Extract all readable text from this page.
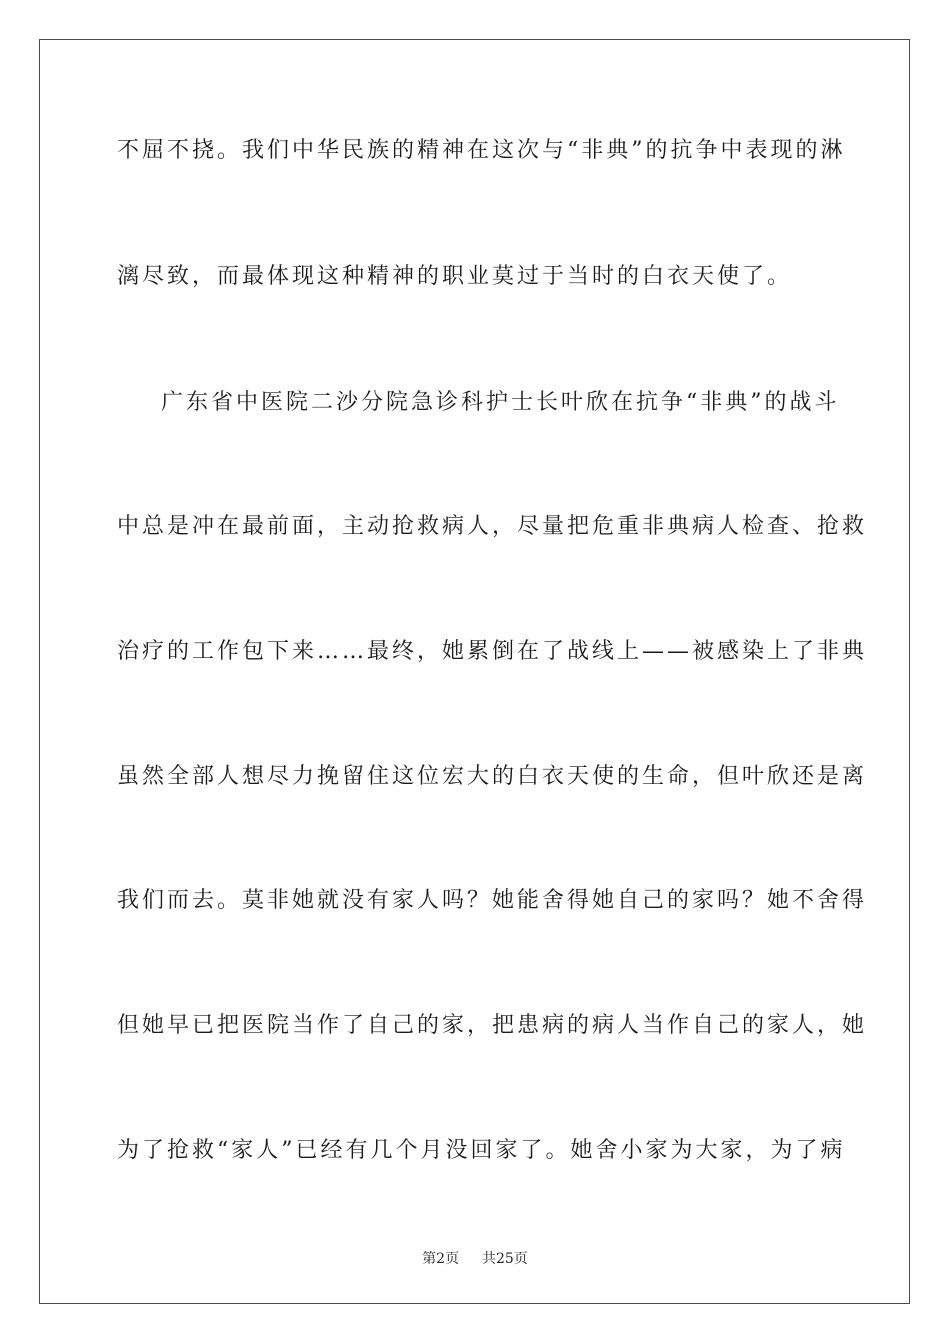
不屈不挠。我们中华民族的精神在这次与“非典”的抗争中表现的淋
漓尽致，而最体现这种精神的职业莫过于当时的白衣天使了。
广东省中医院二沙分院急诊科护士长叶欣在抗争“非典”的战斗
中总是冲在最前面，主动抢救病人，尽量把危重非典病人检查、抢救
治疗的工作包下来……最终，她累倒在了战线上——被感染上了非典
虽然全部人想尽力挽留住这位宏大的白衣天使的生命，但叶欣还是离
我们而去。莫非她就没有家人吗？她能舍得她自己的家吗？她不舍得
但她早已把医院当作了自己的家，把患病的病人当作自己的家人，她
为了抢救“家人”已经有几个月没回家了。她舍小家为大家，为了病
第2页 共25页
